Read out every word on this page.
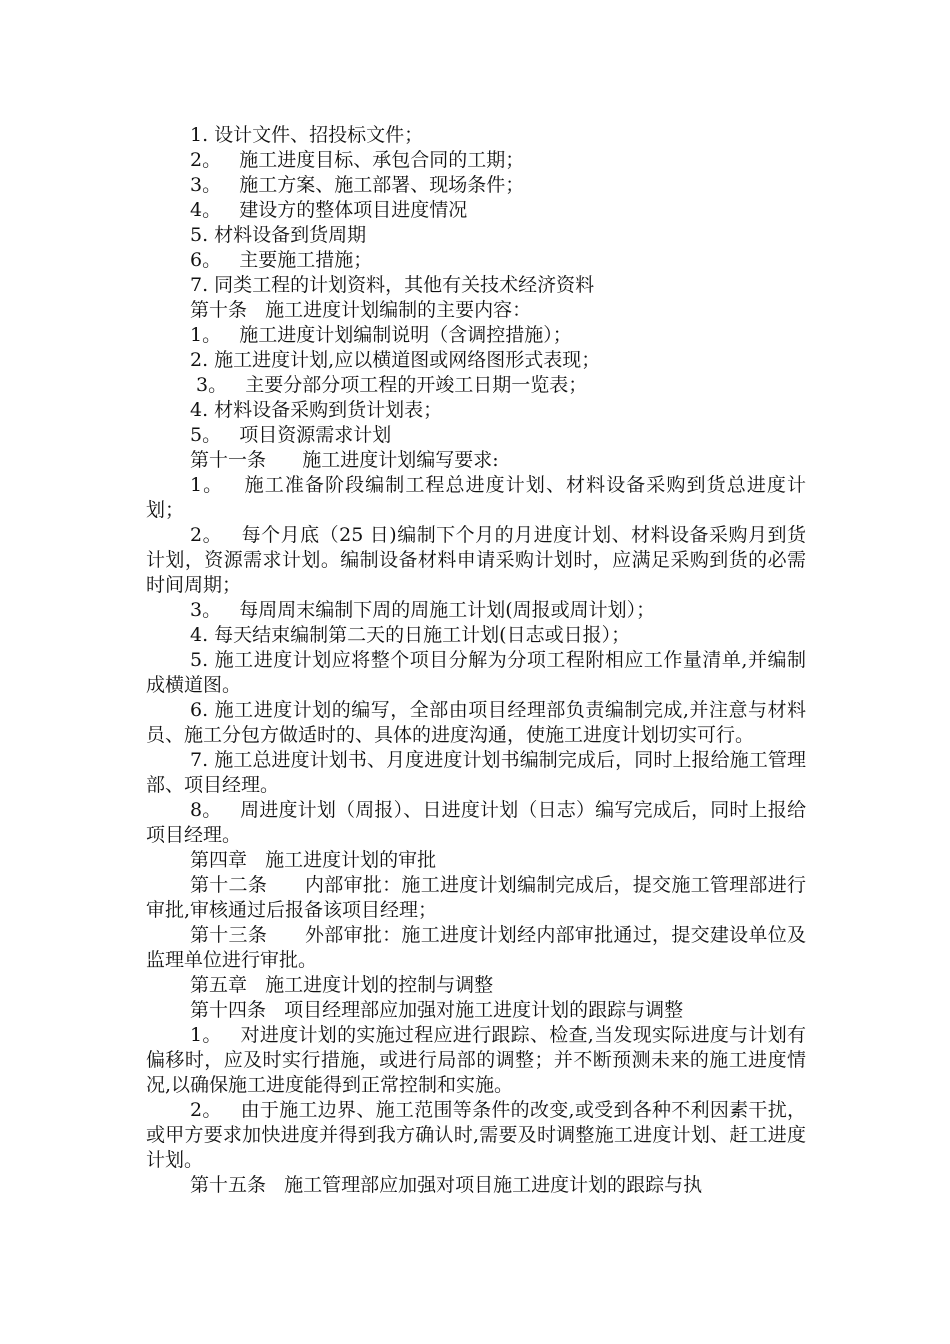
1. 设计文件、招投标文件；

2。   施工进度目标、承包合同的工期；

3。   施工方案、施工部署、现场条件；

4。   建设方的整体项目进度情况

5. 材料设备到货周期

6。   主要施工措施；

7. 同类工程的计划资料，其他有关技术经济资料

第十条   施工进度计划编制的主要内容：

1。   施工进度计划编制说明（含调控措施）；

2. 施工进度计划,应以横道图或网络图形式表现；

3。   主要分部分项工程的开竣工日期一览表；

4. 材料设备采购到货计划表；

5。   项目资源需求计划

第十一条      施工进度计划编写要求:

1。   施工准备阶段编制工程总进度计划、材料设备采购到货总进度计划；

2。   每个月底（25 日)编制下个月的月进度计划、材料设备采购月到货计划，资源需求计划。编制设备材料申请采购计划时，应满足采购到货的必需时间周期；

3。   每周周末编制下周的周施工计划(周报或周计划）；

4. 每天结束编制第二天的日施工计划(日志或日报）；

5. 施工进度计划应将整个项目分解为分项工程附相应工作量清单,并编制成横道图。

6. 施工进度计划的编写，全部由项目经理部负责编制完成,并注意与材料员、施工分包方做适时的、具体的进度沟通，使施工进度计划切实可行。

7. 施工总进度计划书、月度进度计划书编制完成后，同时上报给施工管理部、项目经理。

8。   周进度计划（周报）、日进度计划（日志）编写完成后，同时上报给项目经理。

第四章   施工进度计划的审批

第十二条      内部审批：施工进度计划编制完成后，提交施工管理部进行审批,审核通过后报备该项目经理；

第十三条      外部审批：施工进度计划经内部审批通过，提交建设单位及监理单位进行审批。

第五章   施工进度计划的控制与调整

第十四条   项目经理部应加强对施工进度计划的跟踪与调整

1。   对进度计划的实施过程应进行跟踪、检查,当发现实际进度与计划有偏移时，应及时实行措施，或进行局部的调整；并不断预测未来的施工进度情况,以确保施工进度能得到正常控制和实施。

2。   由于施工边界、施工范围等条件的改变,或受到各种不利因素干扰，或甲方要求加快进度并得到我方确认时,需要及时调整施工进度计划、赶工进度计划。

第十五条   施工管理部应加强对项目施工进度计划的跟踪与执
